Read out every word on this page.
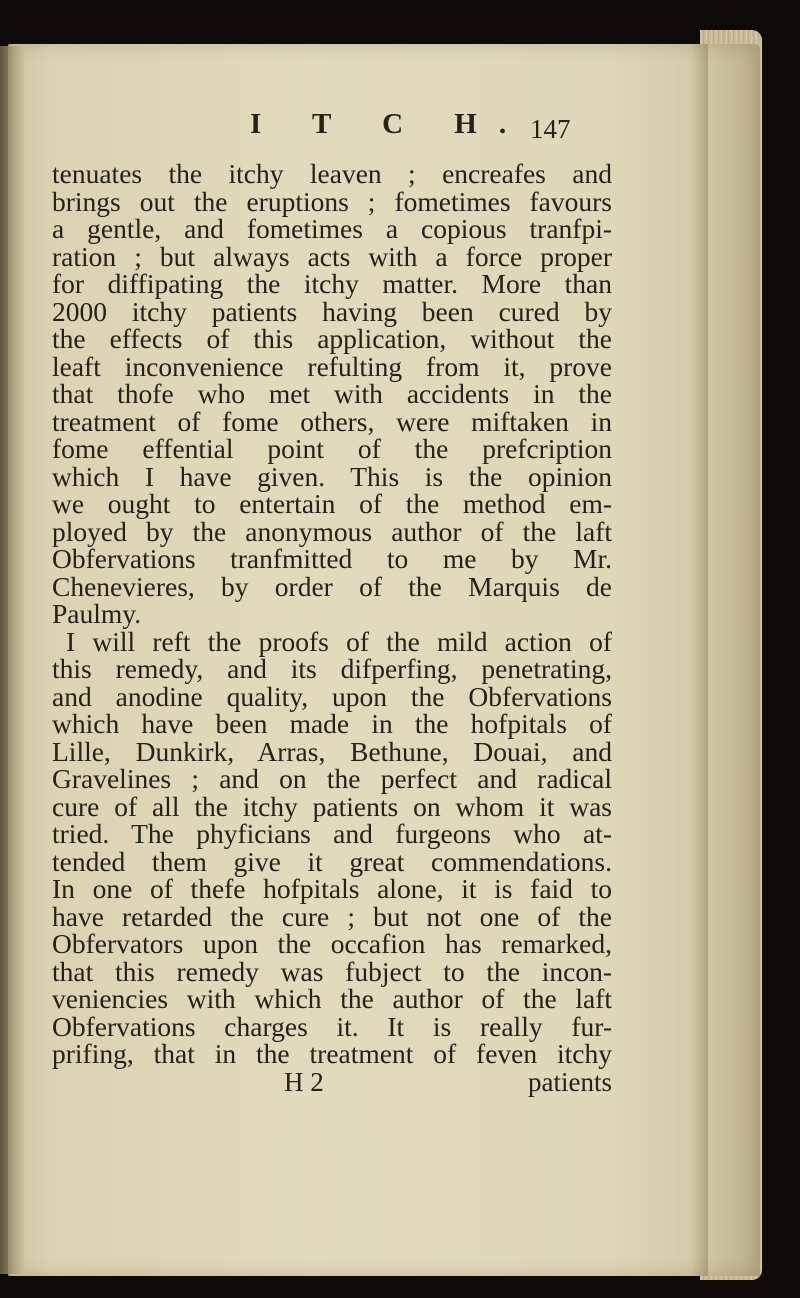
I T C H. 147
tenuates the itchy leaven ; encreafes and
brings out the eruptions ; fometimes favours
a gentle, and fometimes a copious tranfpi-
ration ; but always acts with a force proper
for diffipating the itchy matter. More than
2000 itchy patients having been cured by
the effects of this application, without the
leaft inconvenience refulting from it, prove
that thofe who met with accidents in the
treatment of fome others, were miftaken in
fome effential point of the prefcription
which I have given. This is the opinion
we ought to entertain of the method em-
ployed by the anonymous author of the laft
Obfervations tranfmitted to me by Mr.
Chenevieres, by order of the Marquis de
Paulmy.
I will reft the proofs of the mild action of
this remedy, and its difperfing, penetrating,
and anodine quality, upon the Obfervations
which have been made in the hofpitals of
Lille, Dunkirk, Arras, Bethune, Douai, and
Gravelines ; and on the perfect and radical
cure of all the itchy patients on whom it was
tried. The phyficians and furgeons who at-
tended them give it great commendations.
In one of thefe hofpitals alone, it is faid to
have retarded the cure ; but not one of the
Obfervators upon the occafion has remarked,
that this remedy was fubject to the incon-
veniencies with which the author of the laft
Obfervations charges it. It is really fur-
prifing, that in the treatment of feven itchy
H 2	patients
